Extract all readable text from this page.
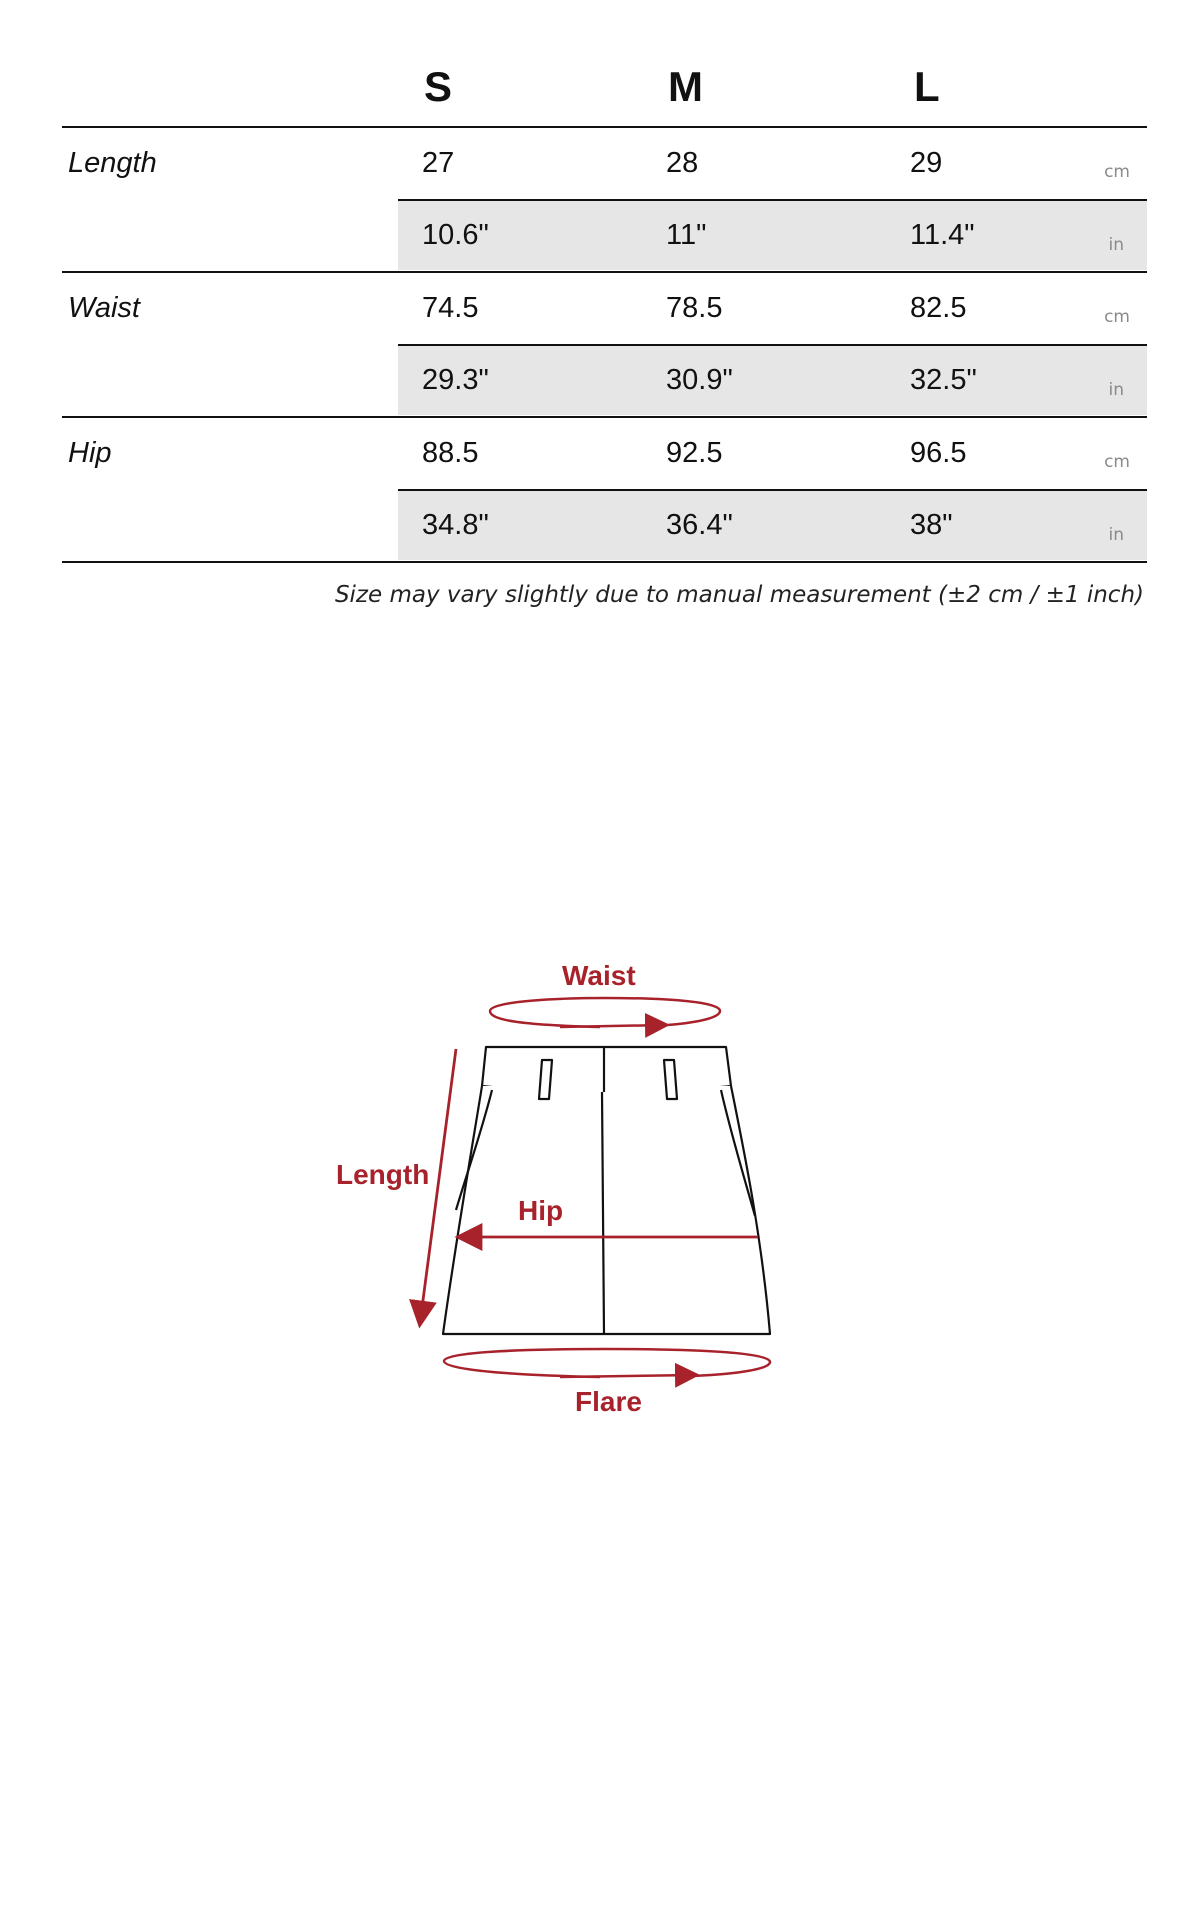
S	M	L
Length	27	28	29	cm
10.6"	11"	11.4"	in
Waist	74.5	78.5	82.5	cm
29.3"	30.9"	32.5"	in
Hip	88.5	92.5	96.5	cm
34.8"	36.4"	38"	in
Size may vary slightly due to manual measurement (±2 cm / ±1 inch)
Waist
Length
Hip
Flare
